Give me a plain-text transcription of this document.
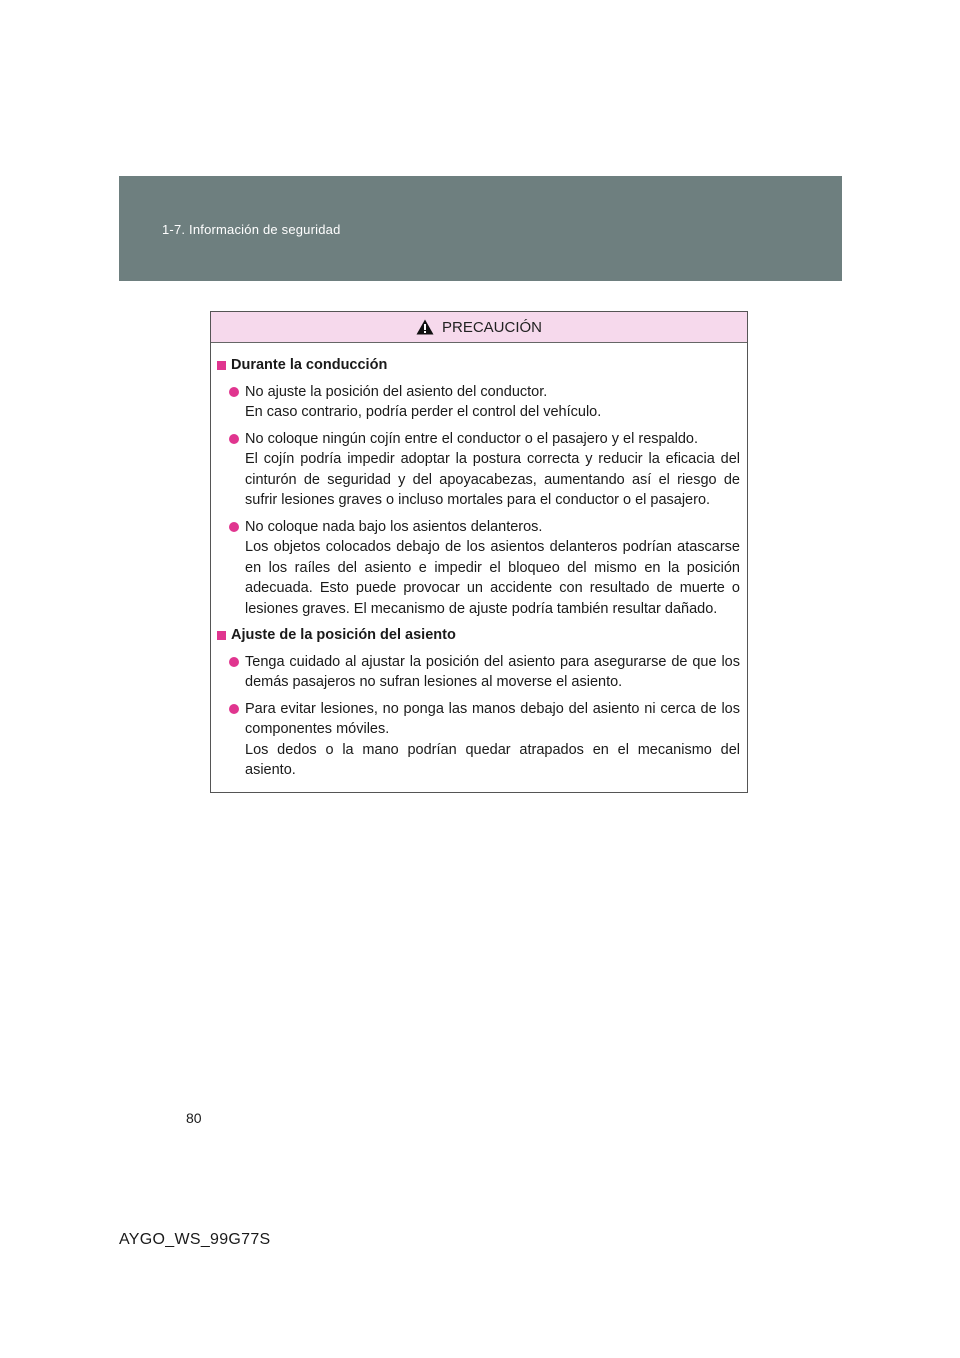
1-7. Información de seguridad
PRECAUCIÓN
Durante la conducción

No ajuste la posición del asiento del conductor.

En caso contrario, podría perder el control del vehículo.

No coloque ningún cojín entre el conductor o el pasajero y el respaldo.

El cojín podría impedir adoptar la postura correcta y reducir la eficacia del cinturón de seguridad y del apoyacabezas, aumentando así el riesgo de sufrir lesiones graves o incluso mortales para el conductor o el pasajero.

No coloque nada bajo los asientos delanteros.

Los objetos colocados debajo de los asientos delanteros podrían atascarse en los raíles del asiento e impedir el bloqueo del mismo en la posición adecuada. Esto puede provocar un accidente con resultado de muerte o lesiones graves. El mecanismo de ajuste podría también resultar dañado.

Ajuste de la posición del asiento

Tenga cuidado al ajustar la posición del asiento para asegurarse de que los demás pasajeros no sufran lesiones al moverse el asiento.

Para evitar lesiones, no ponga las manos debajo del asiento ni cerca de los componentes móviles.

Los dedos o la mano podrían quedar atrapados en el mecanismo del asiento.

80
AYGO_WS_99G77S
